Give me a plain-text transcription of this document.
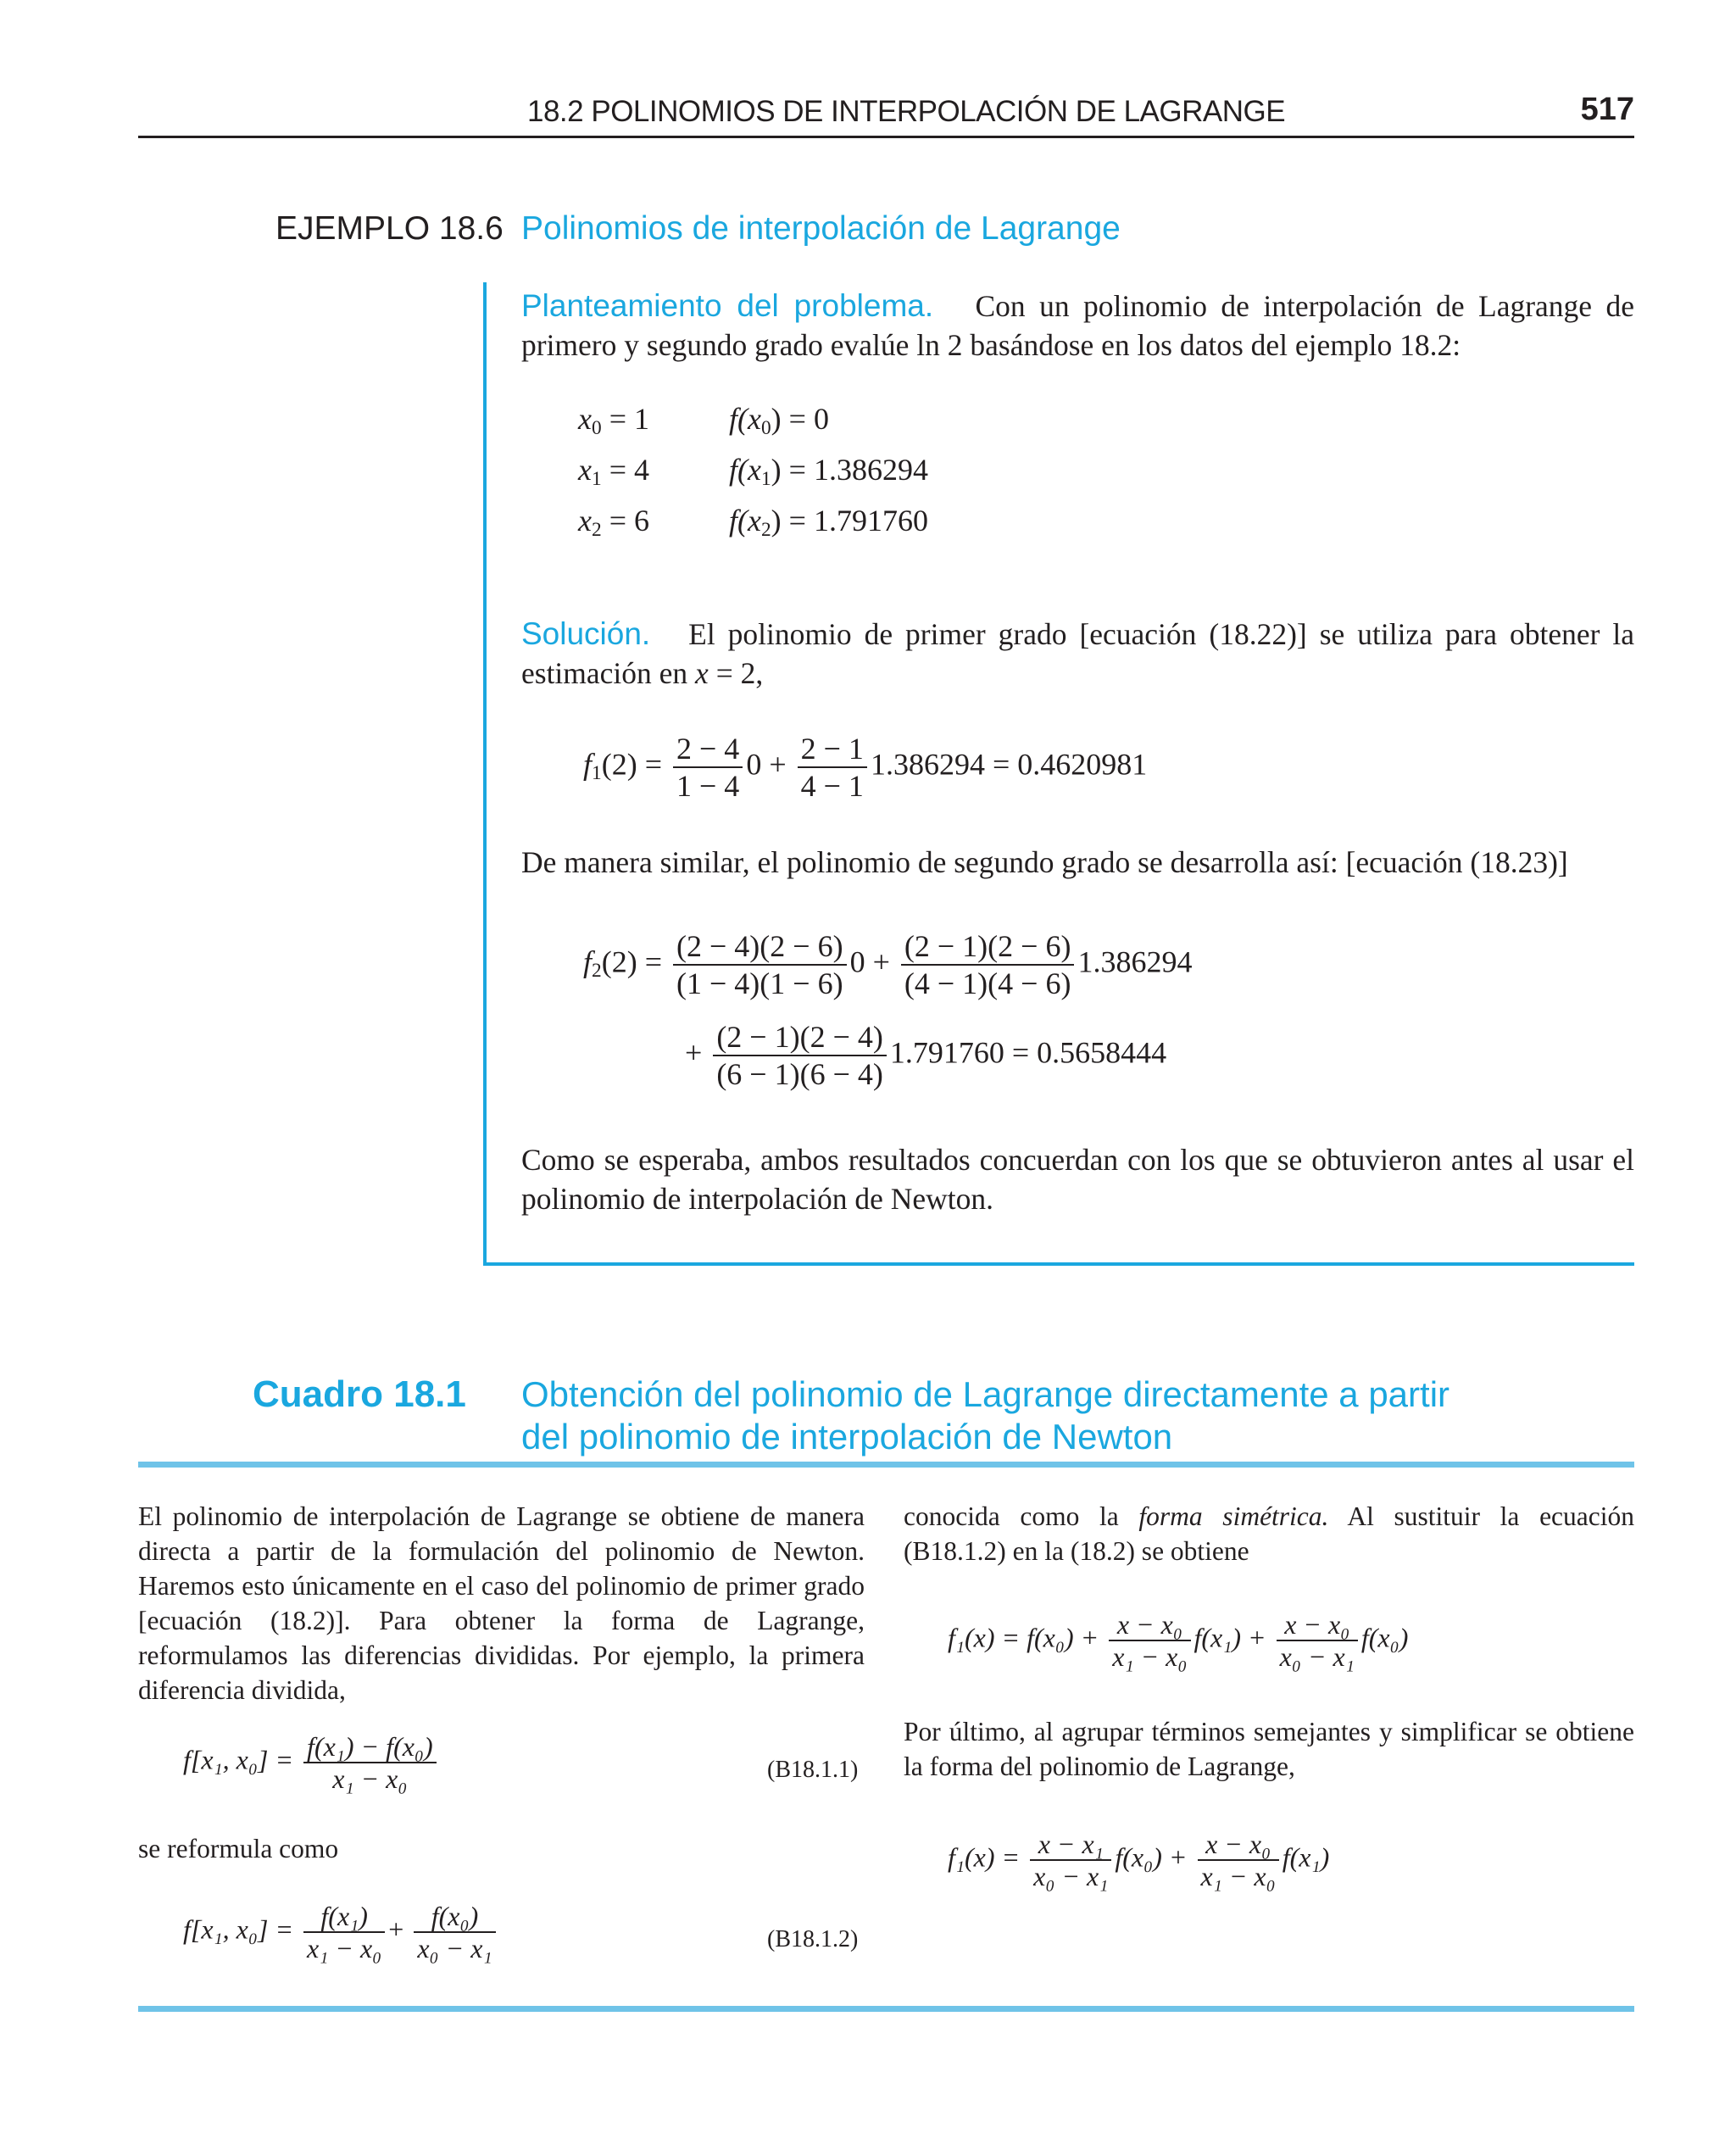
18.2 POLINOMIOS DE INTERPOLACIÓN DE LAGRANGE	517
EJEMPLO 18.6 Polinomios de interpolación de Lagrange
Planteamiento del problema. Con un polinomio de interpolación de Lagrange de primero y segundo grado evalúe ln 2 basándose en los datos del ejemplo 18.2:
$x_0 = 1$	$f(x_0) = 0$
$x_1 = 4$	$f(x_1) = 1.386294$
$x_2 = 6$	$f(x_2) = 1.791760$
Solución. El polinomio de primer grado [ecuación (18.22)] se utiliza para obtener la estimación en x = 2,
$f_1(2) = \frac{2 - 4}{1 - 4} 0 + \frac{2 - 1}{4 - 1} 1.386294 = 0.4620981$
De manera similar, el polinomio de segundo grado se desarrolla así: [ecuación (18.23)]
$f_2(2) = \frac{(2 - 4)(2 - 6)}{(1 - 4)(1 - 6)} 0 + \frac{(2 - 1)(2 - 6)}{(4 - 1)(4 - 6)} 1.386294$
+ $\frac{(2 - 1)(2 - 4)}{(6 - 1)(6 - 4)} 1.791760 = 0.5658444$
Como se esperaba, ambos resultados concuerdan con los que se obtuvieron antes al usar el polinomio de interpolación de Newton.
Cuadro 18.1 Obtención del polinomio de Lagrange directamente a partir
del polinomio de interpolación de Newton
El polinomio de interpolación de Lagrange se obtiene de manera directa a partir de la formulación del polinomio de Newton. Haremos esto únicamente en el caso del polinomio de primer grado [ecuación (18.2)]. Para obtener la forma de Lagrange, reformulamos las diferencias divididas. Por ejemplo, la primera diferencia dividida,
f[x₁, $x_0] = \frac{\text{f(x₁) − f(x₀)}}{\text{x₁ − x₀}}$	(B18.1.1)
se reformula como
f[x₁, $x_0] = \frac{\text{f(x₁)}}{\text{x₁ − x₀}} + \frac{\text{f(x₀)}}{\text{x₀ − x₁}}$	(B18.1.2)
conocida como la forma simétrica. Al sustituir la ecuación (B18.1.2) en la (18.2) se obtiene
$f_1(x) = f(x_0) + \frac{\text{x − x₀}}{\text{x₁ − x₀}} f(x_1) + \frac{\text{x − x₀}}{\text{x₀ − x₁}} f(x_0)$
Por último, al agrupar términos semejantes y simplificar se obtiene la forma del polinomio de Lagrange,
$f_1(x) = \frac{\text{x − x₁}}{\text{x₀ − x₁}} f(x_0) + \frac{\text{x − x₀}}{\text{x₁ − x₀}} f(x_1)$
